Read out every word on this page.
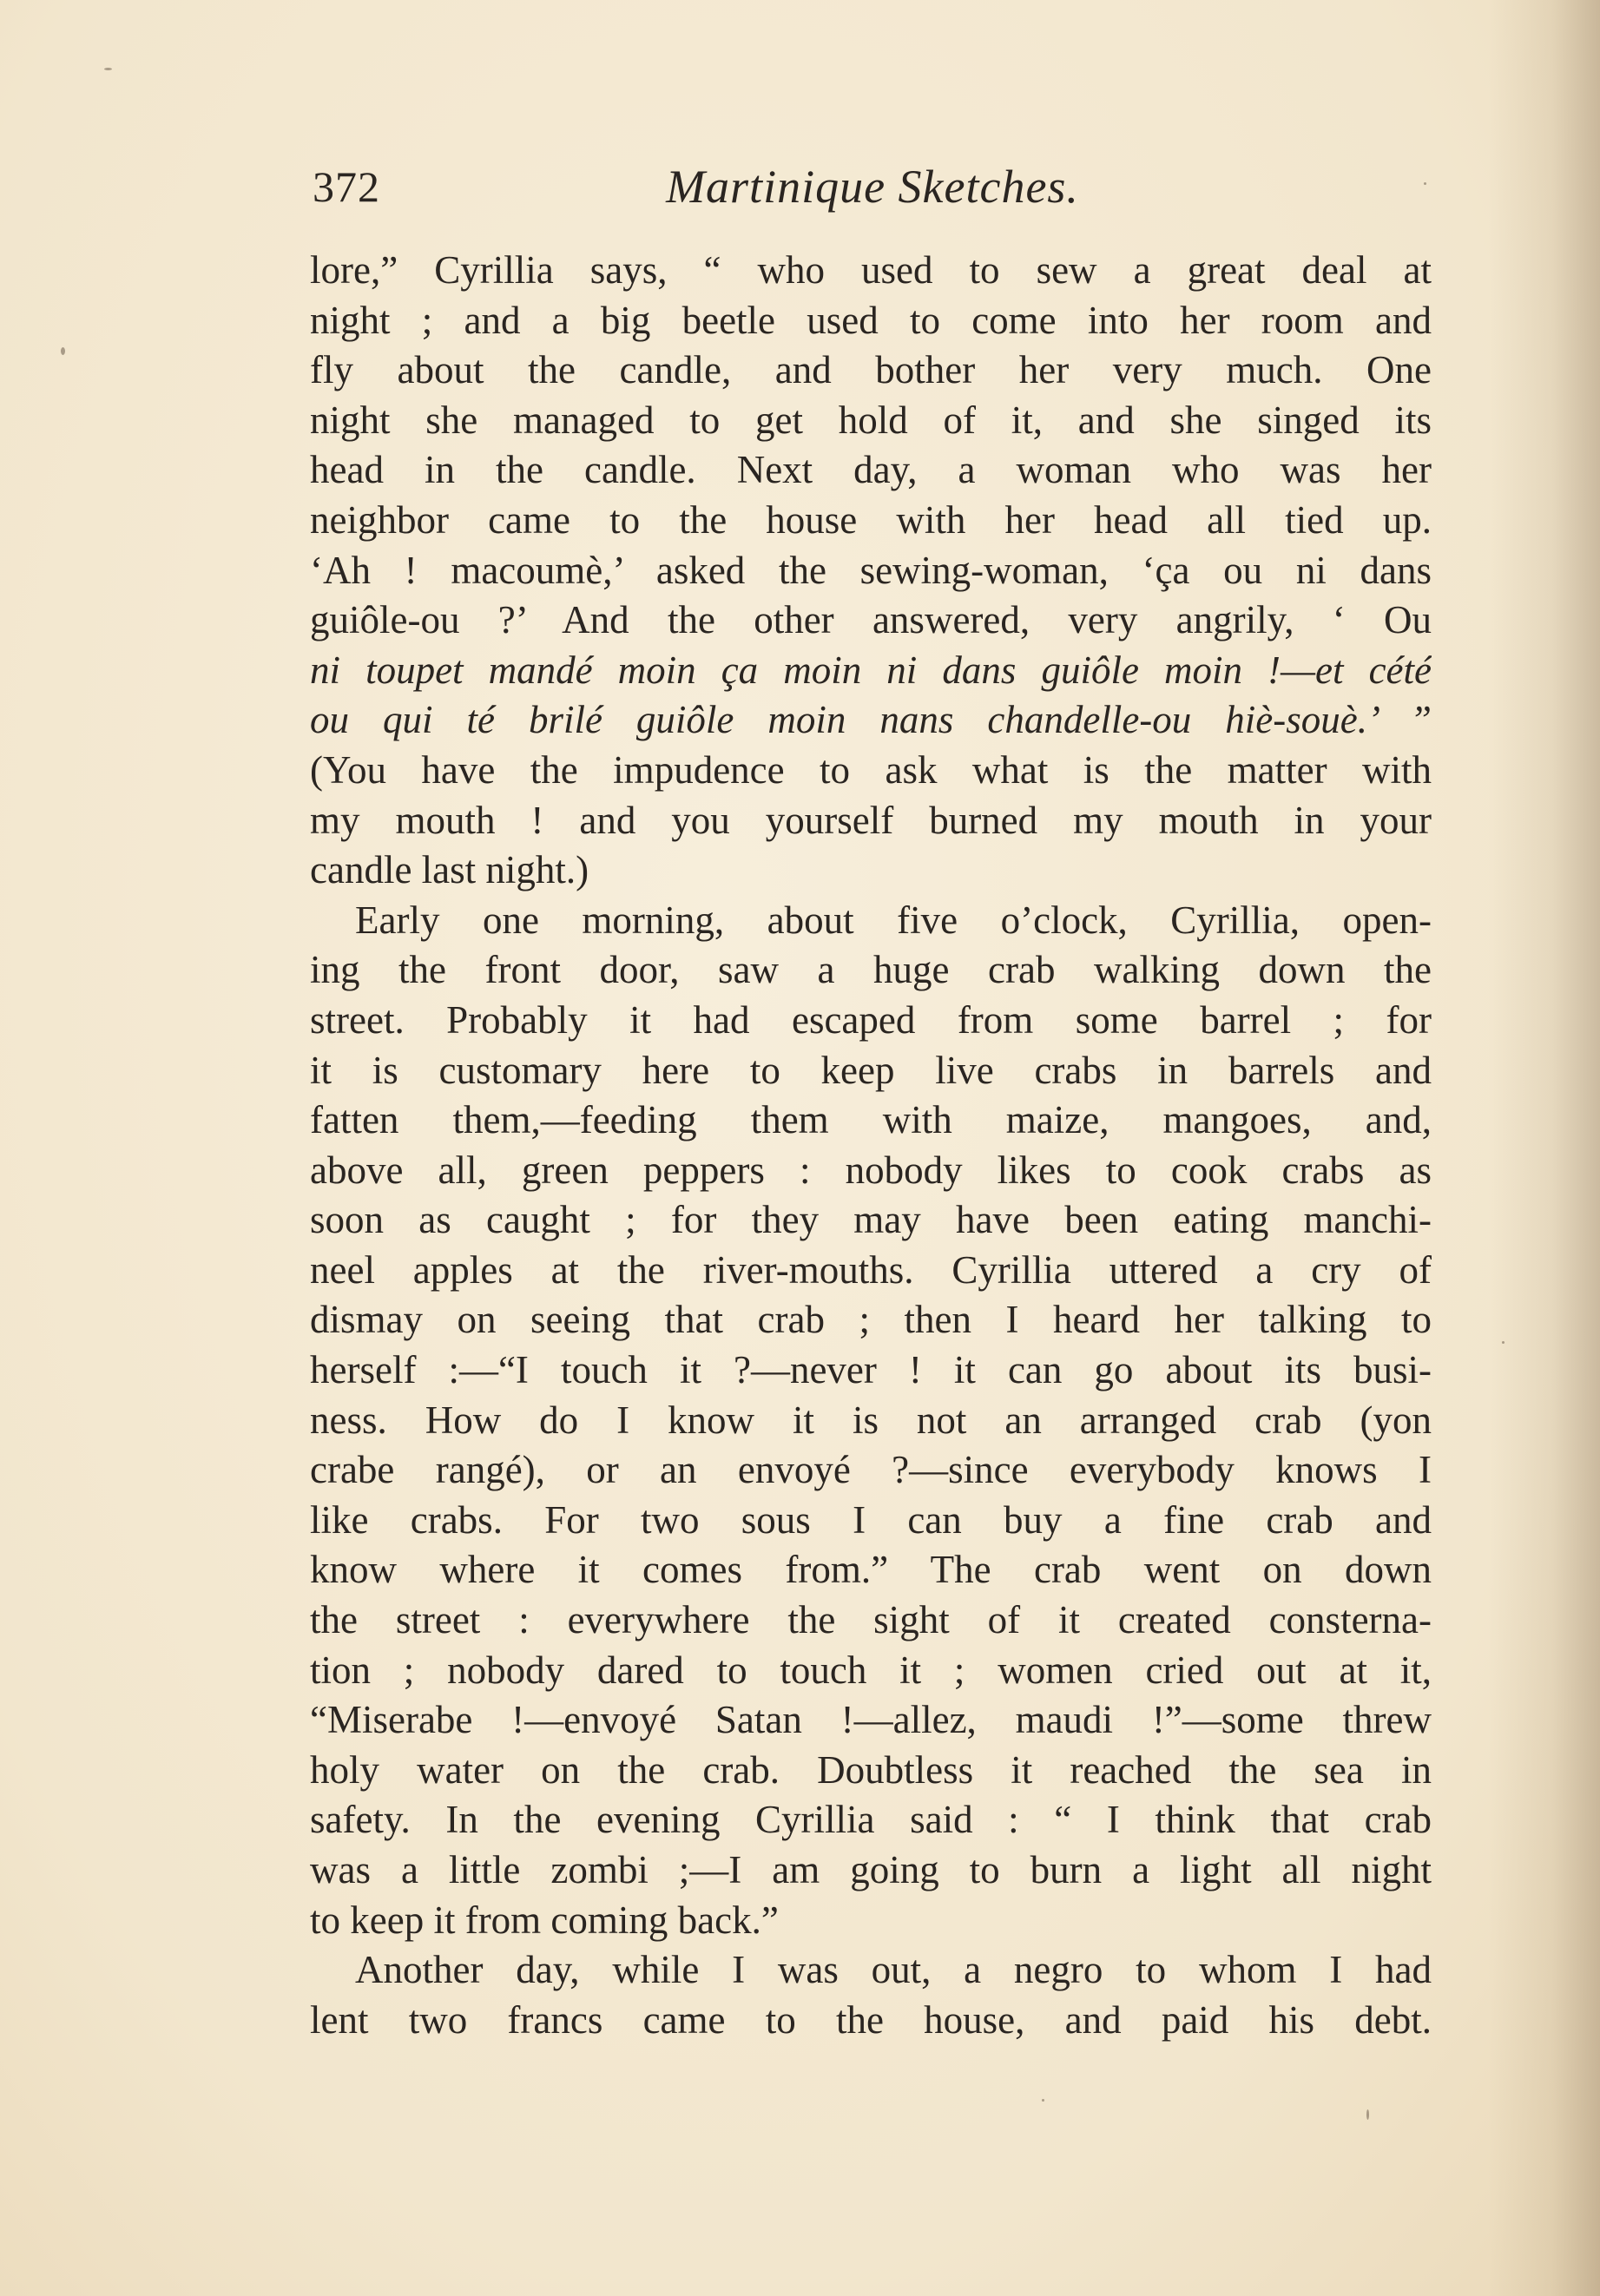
372	Martinique Sketches.
lore,” Cyrillia says, “ who used to sew a great deal at
night ; and a big beetle used to come into her room and
fly about the candle, and bother her very much. One
night she managed to get hold of it, and she singed its
head in the candle. Next day, a woman who was her
neighbor came to the house with her head all tied up.
‘Ah ! macoumè,’ asked the sewing-woman, ‘ça ou ni dans
guiôle-ou ?’ And the other answered, very angrily, ‘ Ou
ni toupet mandé moin ça moin ni dans guiôle moin !—et cété
ou qui té brilé guiôle moin nans chandelle-ou hiè-souè.’ ”
(You have the impudence to ask what is the matter with
my mouth ! and you yourself burned my mouth in your
candle last night.)
Early one morning, about five o’clock, Cyrillia, open-
ing the front door, saw a huge crab walking down the
street. Probably it had escaped from some barrel ; for
it is customary here to keep live crabs in barrels and
fatten them,—feeding them with maize, mangoes, and,
above all, green peppers : nobody likes to cook crabs as
soon as caught ; for they may have been eating manchi-
neel apples at the river-mouths. Cyrillia uttered a cry of
dismay on seeing that crab ; then I heard her talking to
herself :—“I touch it ?—never ! it can go about its busi-
ness. How do I know it is not an arranged crab (yon
crabe rangé), or an envoyé ?—since everybody knows I
like crabs. For two sous I can buy a fine crab and
know where it comes from.” The crab went on down
the street : everywhere the sight of it created consterna-
tion ; nobody dared to touch it ; women cried out at it,
“Miserabe !—envoyé Satan !—allez, maudi !”—some threw
holy water on the crab. Doubtless it reached the sea in
safety. In the evening Cyrillia said : “ I think that crab
was a little zombi ;—I am going to burn a light all night
to keep it from coming back.”
Another day, while I was out, a negro to whom I had
lent two francs came to the house, and paid his debt.
